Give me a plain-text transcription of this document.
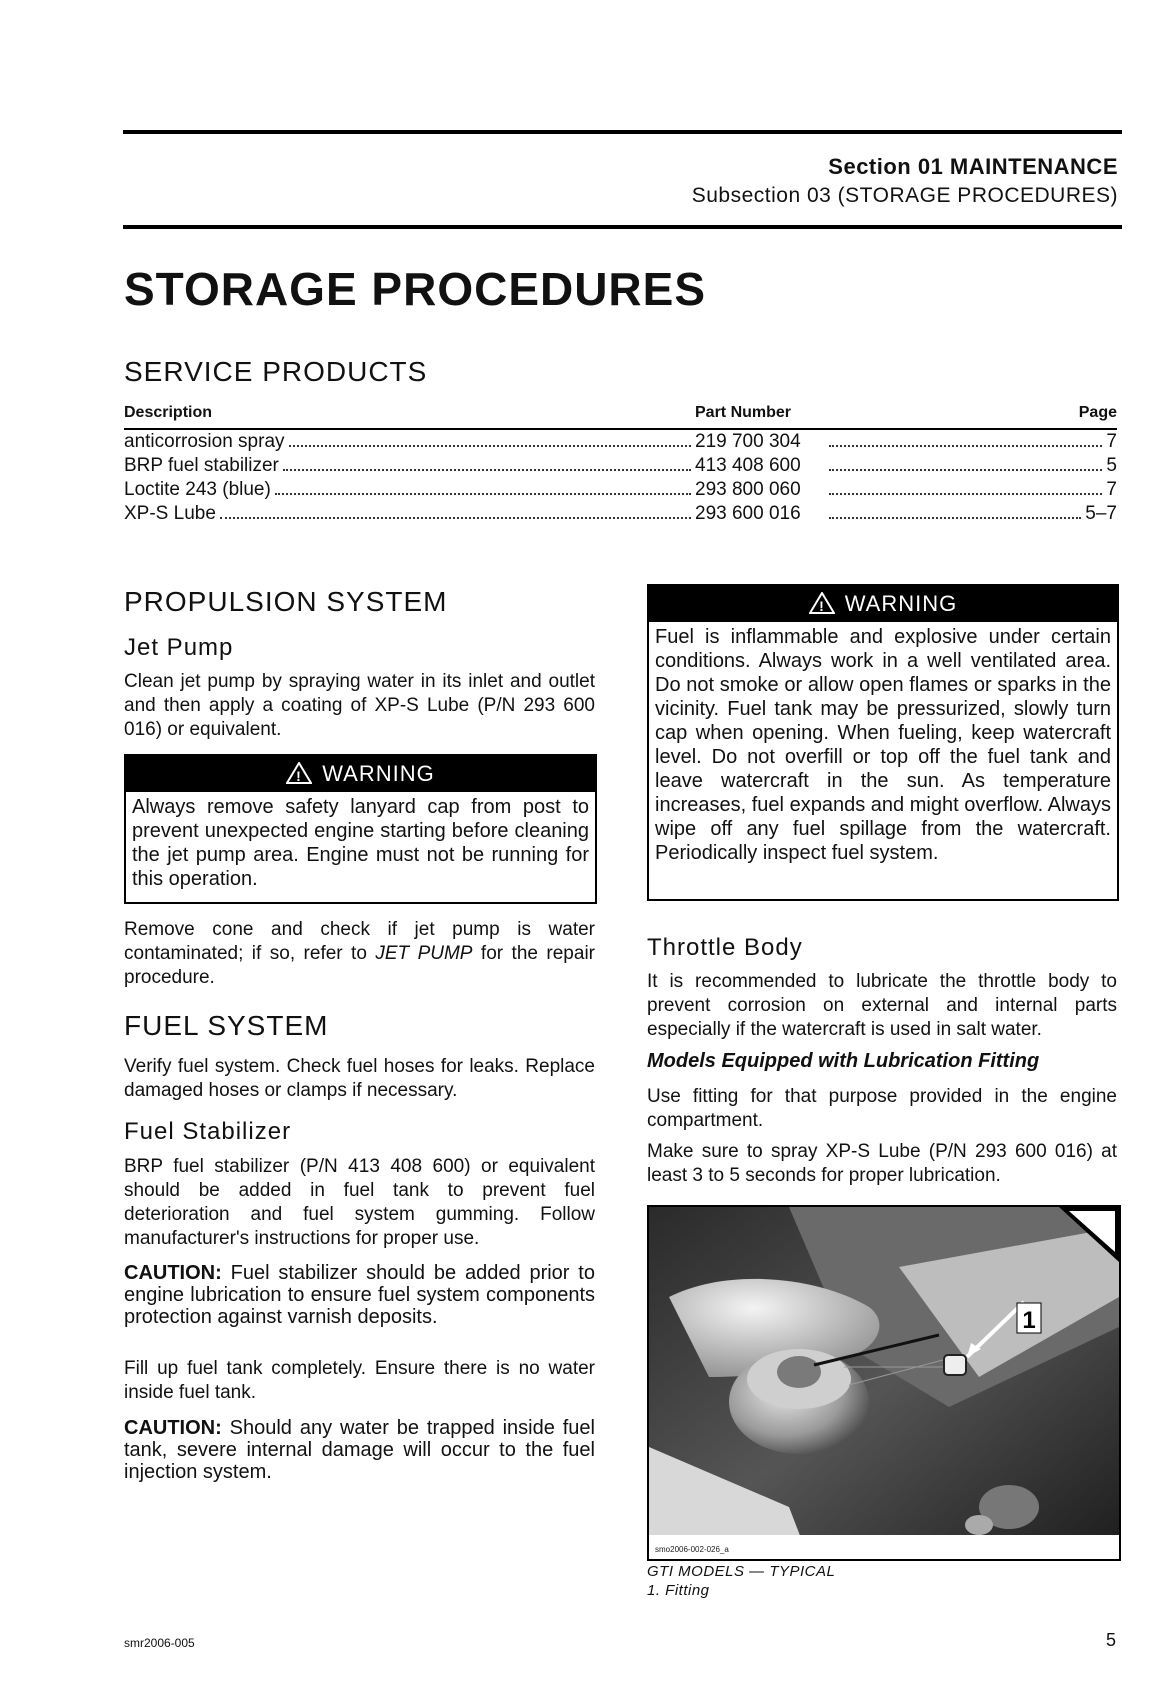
Section 01 MAINTENANCE
Subsection 03 (STORAGE PROCEDURES)
STORAGE PROCEDURES
SERVICE PRODUCTS
Description	Part Number	Page
anticorrosion spray	219 700 304	7
BRP fuel stabilizer	413 408 600	5
Loctite 243 (blue)	293 800 060	7
XP-S Lube	293 600 016	5–7
PROPULSION SYSTEM
Jet Pump
Clean jet pump by spraying water in its inlet and outlet and then apply a coating of XP-S Lube (P/N 293 600 016) or equivalent.
! WARNING
Always remove safety lanyard cap from post to prevent unexpected engine starting before cleaning the jet pump area. Engine must not be running for this operation.
Remove cone and check if jet pump is water contaminated; if so, refer to JET PUMP for the repair procedure.
FUEL SYSTEM
Verify fuel system. Check fuel hoses for leaks. Replace damaged hoses or clamps if necessary.
Fuel Stabilizer
BRP fuel stabilizer (P/N 413 408 600) or equivalent should be added in fuel tank to prevent fuel deterioration and fuel system gumming. Follow manufacturer's instructions for proper use.
CAUTION: Fuel stabilizer should be added prior to engine lubrication to ensure fuel system components protection against varnish deposits.
Fill up fuel tank completely. Ensure there is no water inside fuel tank.
CAUTION: Should any water be trapped inside fuel tank, severe internal damage will occur to the fuel injection system.
! WARNING
Fuel is inflammable and explosive under certain conditions. Always work in a well ventilated area. Do not smoke or allow open flames or sparks in the vicinity. Fuel tank may be pressurized, slowly turn cap when opening. When fueling, keep watercraft level. Do not overfill or top off the fuel tank and leave watercraft in the sun. As temperature increases, fuel expands and might overflow. Always wipe off any fuel spillage from the watercraft. Periodically inspect fuel system.
Throttle Body
It is recommended to lubricate the throttle body to prevent corrosion on external and internal parts especially if the watercraft is used in salt water.
Models Equipped with Lubrication Fitting
Use fitting for that purpose provided in the engine compartment.
Make sure to spray XP-S Lube (P/N 293 600 016) at least 3 to 5 seconds for proper lubrication.
1
smo2006-002-026_a
GTI MODELS — TYPICAL
1. Fitting
smr2006-005	5
